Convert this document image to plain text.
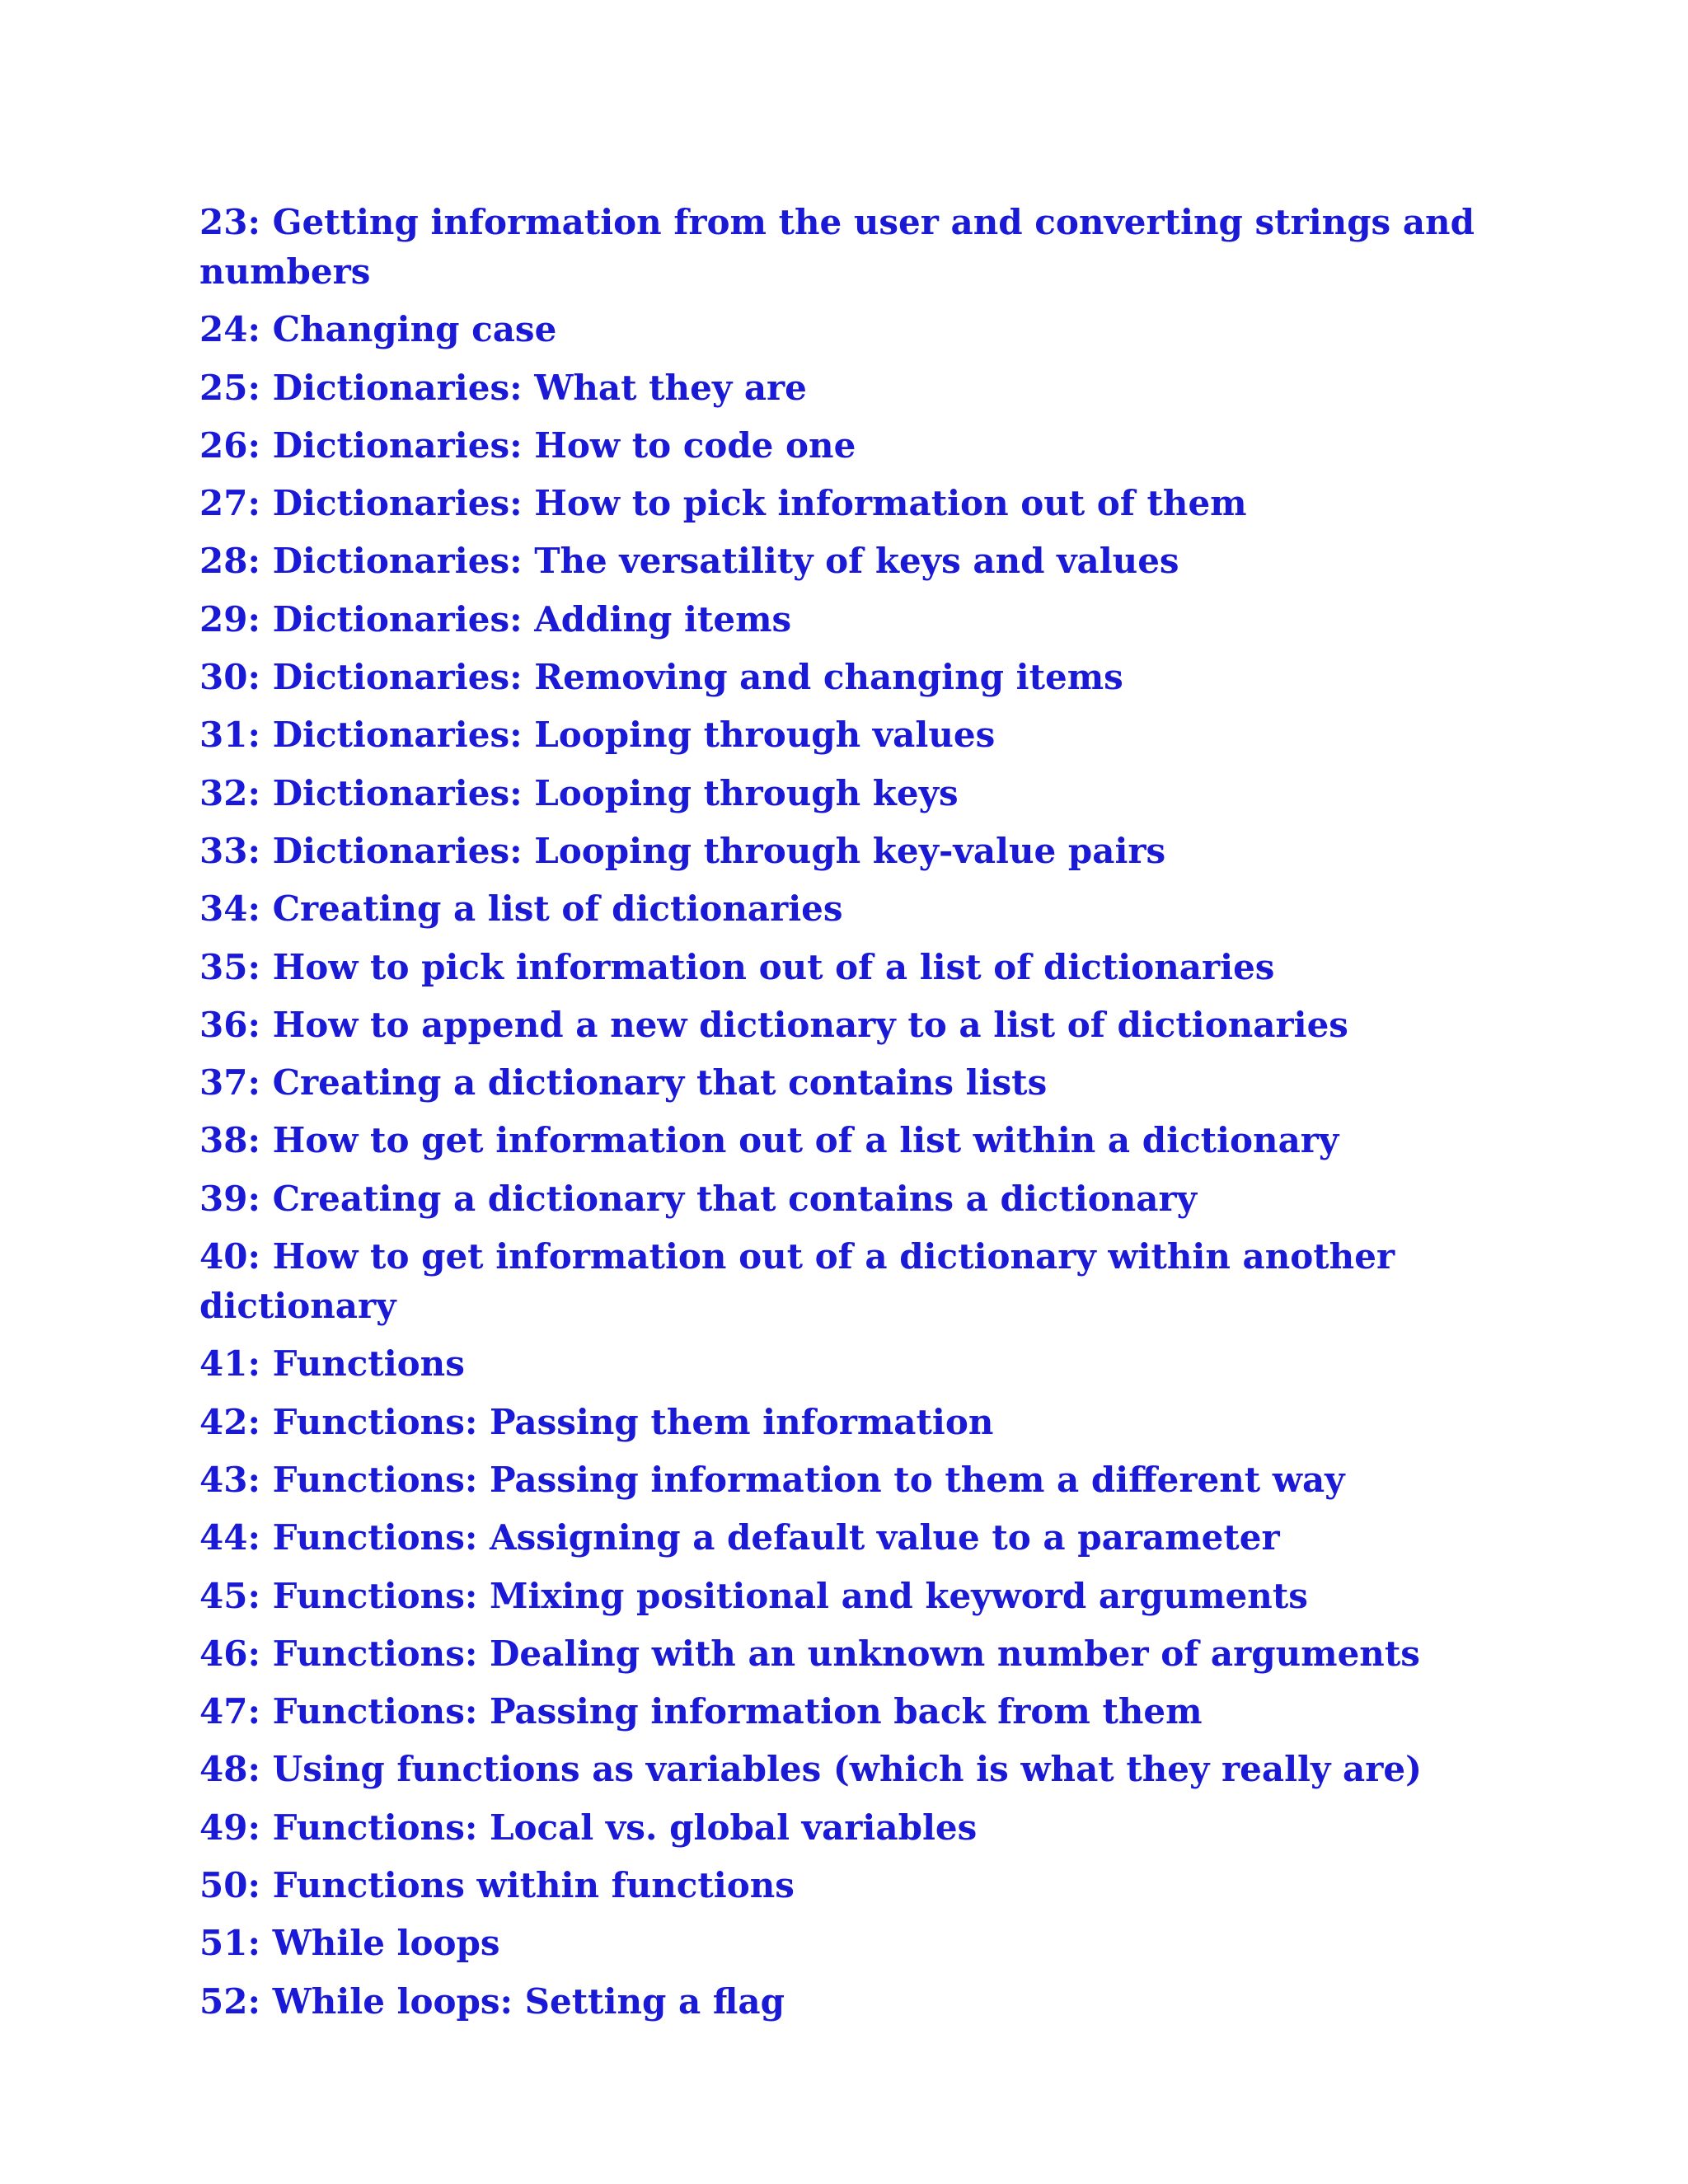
23: Getting information from the user and converting strings and numbers
24: Changing case
25: Dictionaries: What they are
26: Dictionaries: How to code one
27: Dictionaries: How to pick information out of them
28: Dictionaries: The versatility of keys and values
29: Dictionaries: Adding items
30: Dictionaries: Removing and changing items
31: Dictionaries: Looping through values
32: Dictionaries: Looping through keys
33: Dictionaries: Looping through key-value pairs
34: Creating a list of dictionaries
35: How to pick information out of a list of dictionaries
36: How to append a new dictionary to a list of dictionaries
37: Creating a dictionary that contains lists
38: How to get information out of a list within a dictionary
39: Creating a dictionary that contains a dictionary
40: How to get information out of a dictionary within another dictionary
41: Functions
42: Functions: Passing them information
43: Functions: Passing information to them a different way
44: Functions: Assigning a default value to a parameter
45: Functions: Mixing positional and keyword arguments
46: Functions: Dealing with an unknown number of arguments
47: Functions: Passing information back from them
48: Using functions as variables (which is what they really are)
49: Functions: Local vs. global variables
50: Functions within functions
51: While loops
52: While loops: Setting a flag
